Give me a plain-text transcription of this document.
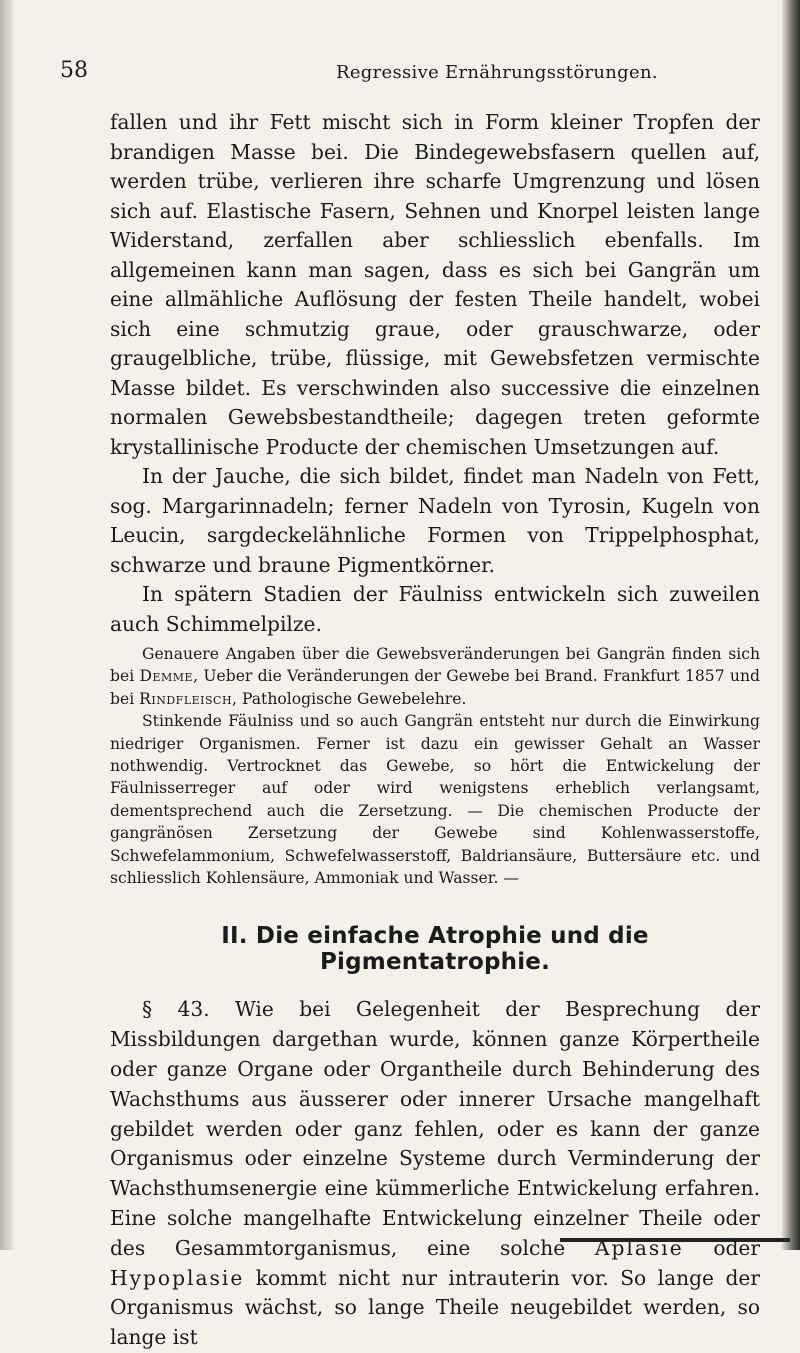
58	Regressive Ernährungsstörungen.

fallen und ihr Fett mischt sich in Form kleiner Tropfen der brandigen Masse bei. Die Bindegewebsfasern quellen auf, werden trübe, verlieren ihre scharfe Umgrenzung und lösen sich auf. Elastische Fasern, Sehnen und Knorpel leisten lange Widerstand, zerfallen aber schliesslich ebenfalls. Im allgemeinen kann man sagen, dass es sich bei Gangrän um eine allmähliche Auflösung der festen Theile handelt, wobei sich eine schmutzig graue, oder grauschwarze, oder graugelbliche, trübe, flüssige, mit Gewebsfetzen vermischte Masse bildet. Es verschwinden also successive die einzelnen normalen Gewebsbestandtheile; dagegen treten geformte krystallinische Producte der chemischen Umsetzungen auf.

In der Jauche, die sich bildet, findet man Nadeln von Fett, sog. Margarinnadeln; ferner Nadeln von Tyrosin, Kugeln von Leucin, sargdeckelähnliche Formen von Trippelphosphat, schwarze und braune Pigmentkörner.

In spätern Stadien der Fäulniss entwickeln sich zuweilen auch Schimmelpilze.

Genauere Angaben über die Gewebsveränderungen bei Gangrän finden sich bei Demme, Ueber die Veränderungen der Gewebe bei Brand. Frankfurt 1857 und bei Rindfleisch, Pathologische Gewebelehre.

Stinkende Fäulniss und so auch Gangrän entsteht nur durch die Einwirkung niedriger Organismen. Ferner ist dazu ein gewisser Gehalt an Wasser nothwendig. Vertrocknet das Gewebe, so hört die Entwickelung der Fäulnisserreger auf oder wird wenigstens erheblich verlangsamt, dementsprechend auch die Zersetzung. — Die chemischen Producte der gangränösen Zersetzung der Gewebe sind Kohlenwasserstoffe, Schwefelammonium, Schwefelwasserstoff, Baldriansäure, Buttersäure etc. und schliesslich Kohlensäure, Ammoniak und Wasser. —

II. Die einfache Atrophie und die Pigmentatrophie.

§ 43. Wie bei Gelegenheit der Besprechung der Missbildungen dargethan wurde, können ganze Körpertheile oder ganze Organe oder Organtheile durch Behinderung des Wachsthums aus äusserer oder innerer Ursache mangelhaft gebildet werden oder ganz fehlen, oder es kann der ganze Organismus oder einzelne Systeme durch Verminderung der Wachsthumsenergie eine kümmerliche Entwickelung erfahren. Eine solche mangelhafte Entwickelung einzelner Theile oder des Gesammtorganismus, eine solche Aplasie oder Hypoplasie kommt nicht nur intrauterin vor. So lange der Organismus wächst, so lange Theile neugebildet werden, so lange ist
